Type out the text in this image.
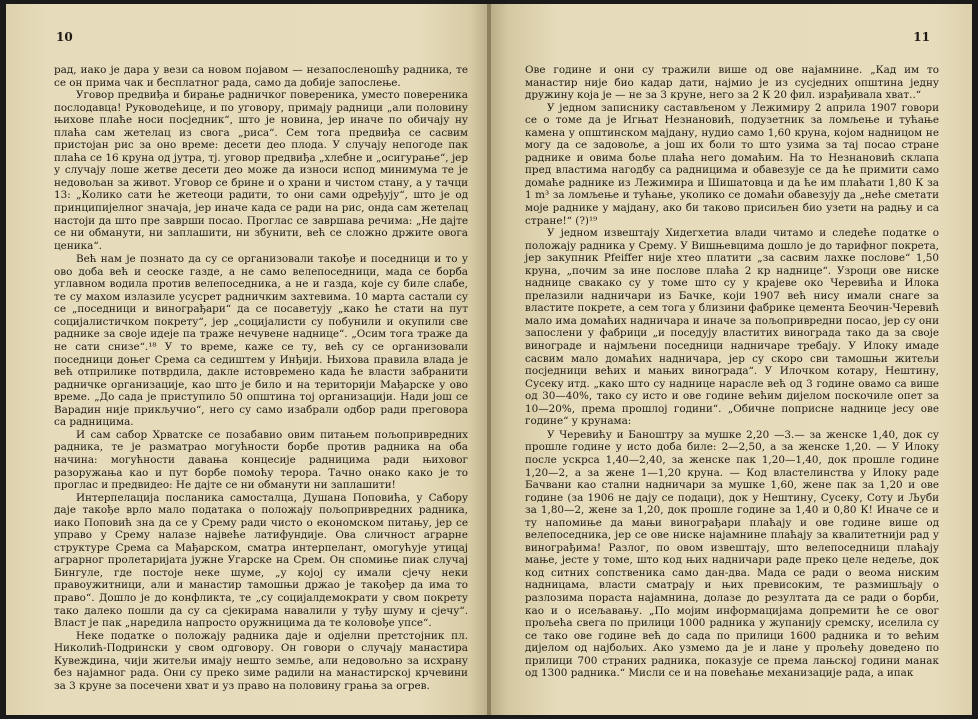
10

рад, иако је дара у вези са новом појавом — незапосленошћу радника, те се он прима чак и бесплатног рада, само да добије запослење.

Уговор предвиђа и бирање радничког повереника, уместо повереника послодавца! Руководећице, и по уговору, примају радници „али половину њихове плаће носи посједник“, што је новина, јер иначе по обичају ну плаћа сам жетелац из свога „риса“. Сем тога предвиђа се сасвим пристојан рис за оно време: десети део плода. У случају непогоде пак плаћа се 16 круна од јутра, тј. уговор предвиђа „хлебне и „осигурање“, јер у случају лоше жетве десети део може да износи испод минимума те је недовољан за живот. Уговор се брине и о храни и чистом стану, а у тачци 13: „Колико сати ће жетеоци радити, то они сами одређују“, што је од принципијелног значаја, јер иначе када се ради на рис, онда сам жетелац настоји да што пре заврши посао. Проглас се завршава речима: „Не дајте се ни обманути, ни заплашити, ни збунити, већ се сложно држите овога ценика“.

Већ нам је познато да су се организовали такође и поседници и то у ово доба већ и сеоске газде, а не само велепоседници, мада се борба углавном водила против велепоседника, а не и газда, које су биле слабе, те су махом излазиле усусрет радничким захтевима. 10 марта састали су се „поседници и винограђари“ да се посаветују „како ће стати на пут социјалистичком покрету“, јер „социјалисти су побунили и окупили све раднике за своје идеје па траже нечувене наднице“. „Осим тога траже да не сати снизе“.¹⁸ У то време, каже се ту, већ су се организовали поседници доњег Срема са седиштем у Инђији. Њихова правила влада је већ отприлике потврдила, дакле истовремено када ће власти забранити радничке организације, као што је било и на територији Мађарске у ово време. „До сада је приступило 50 општина тој организацији. Нади још се Варадин није прикључио“, него су само изабрали одбор ради преговора са радницима.

И сам сабор Хрватске се позабавио овим питањем пољопривредних радника, те је разматрао могућности борбе против радника на оба начина: могућности давања концесије радницима ради њиховог разоружања као и пут борбе помоћу терора. Тачно онако како је то проглас и предвидео: Не дајте се ни обманути ни заплашити!

Интерпелација посланика самосталца, Душана Поповића, у Сабору даје такође врло мало података о положају пољопривредних радника, иако Поповић зна да се у Срему ради чисто о економском питању, јер се управо у Срему налазе највеће латифундије. Ова сличност аграрне структуре Срема са Мађарском, сматра интерпелант, омогућује утицај аграрног пролетаријата јужне Угарске на Срем. Он спомиње пиак случај Бингуле, где постоје неке шуме, „у којој су имали сјечу неки правоужитници, али и манастир тамошњи држао је такођер да има то право“. Дошло је до конфликта, те „су социјалдемократи у свом покрету тако далеко пошли да су са сјекирама навалили у туђу шуму и сјечу“. Власт је пак „наредила напросто оружницима да те коловође упсе“.

Неке податке о положају радника даје и одјелни претстојник пл. Николић-Подрински у свом одговору. Он говори о случају манастира Кувеждина, чији житељи имају нешто земље, али недовољно за исхрану без најамног рада. Они су преко зиме радили на манастирској крчевини за 3 круне за посечени хват и уз право на половину грања за огрев.

11

Ове године и они су тражили више од ове најамнине. „Кад им то манастир није био кадар дати, најмио је из сусједних општина једну дружину која је — не за 3 круне, него за 2 К 20 фил. израђивала хват..“

У једном записнику састављеном у Лежимиру 2 априла 1907 говори се о томе да је Игњат Незнановић, подузетник за ломљење и тућање камена у општинском мајдану, нудио само 1,60 круна, којом надницом не могу да се задовоље, а још их боли то што узима за тај посао стране раднике и овима боље плаћа него домаћим. На то Незнановић склапа пред властима нагодбу са радницима и обавезује се да ће примити само домаће раднике из Лежимира и Шишатовца и да ће им плаћати 1,80 К за 1 m³ за ломљење и тућање, уколико се домаћи обавезују да „неће сметати моје раднике у мајдану, ако би таково присиљен био узети на радњу и са стране!“ (?)¹⁹

У једном извештају Хидегхетиа влади читамо и следеће податке о положају радника у Срему. У Вишњевцима дошло је до тарифног покрета, јер закупник Pfeiffer није хтео платити „за сасвим лахке послове“ 1,50 круна, „почим за ине послове плаћа 2 кр наднице“. Узроци ове ниске наднице свакако су у томе што су у крајеве око Черевића и Илока прелазили надничари из Бачке, који 1907 већ нису имали снаге за властите покрете, а сем тога у близини фабрике цемента Беочин-Черевић мало има домаћих надничара и иначе за пољопривредни посао, јер су они запослени у фабрици „и поседују властитих винограда тако да за своје винограде и најмљени поседници надничаре требају. У Илоку имаде сасвим мало домаћих надничара, јер су скоро сви тамошњи житељи посједници већих и мањих винограда“. У Илочком котару, Нештину, Сусеку итд. „како што су наднице нарасле већ од 3 године овамо са више од 30—40%, тако су исто и ове године већим дијелом поскочиле опет за 10—20%, према прошлој години“. „Обичне поприсне наднице јесу ове године“ у крунама:

У Черевићу и Баноштру за мушке 2,20 —3.— за женске 1,40, док су прошле године у исто доба биле: 2—2,50, а за женске 1,20. — У Илоку после ускрса 1,40—2,40, за женске пак 1,20—1,40, док прошле године 1,20—2, а за жене 1—1,20 круна. — Код властелинства у Илоку раде Бачвани као стални надничари за мушке 1,60, жене пак за 1,20 и ове године (за 1906 не дају се подаци), док у Нештину, Сусеку, Соту и Љуби за 1,80—2, жене за 1,20, док прошле године за 1,40 и 0,80 К! Иначе се и ту напомиње да мањи винограђари плаћају и ове године више од велепоседника, јер се ове ниске најамнине плаћају за квалитетнији рад у винограђима! Разлог, по овом извештају, што велепоседници плаћају мање, јесте у томе, што код њих надничари раде преко целе недеље, док код ситних сопственика само дан-два. Мада се ради о веома ниским надницама, власти сматрају и њих превисоким, те размишљају о разлозима пораста најамнина, долазе до резултата да се ради о борби, као и о исељавању. „По мојим информацијама допремити ће се овог прољећа свега по прилици 1000 радника у жупанију сремску, иселила су се тако ове године већ до сада по прилици 1600 радника и то већим дијелом од најбољих. Ако узмемо да је и лане у прољећу доведено по прилици 700 страних радника, показује се према лањској години манак од 1300 радника.“ Мисли се и на повећање механизације рада, а ипак
